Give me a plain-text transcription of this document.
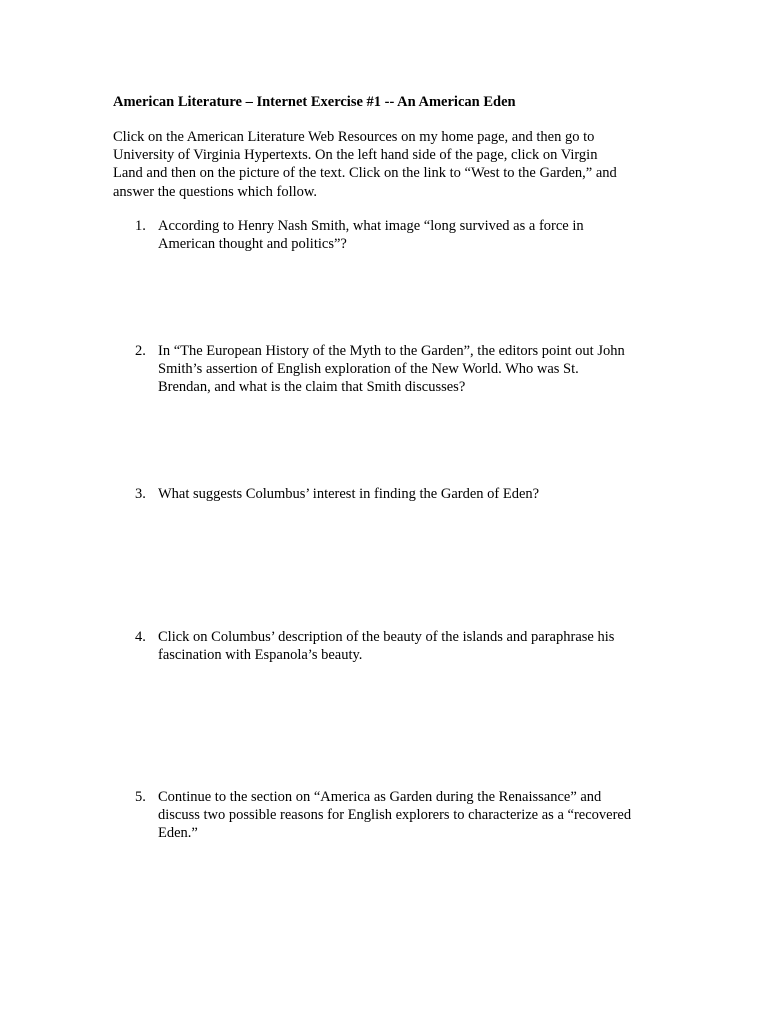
American Literature – Internet Exercise #1 -- An American Eden
Click on the American Literature Web Resources on my home page, and then go to
University of Virginia Hypertexts. On the left hand side of the page, click on Virgin
Land and then on the picture of the text. Click on the link to “West to the Garden,” and
answer the questions which follow.
1. According to Henry Nash Smith, what image “long survived as a force in
American thought and politics”?
2. In “The European History of the Myth to the Garden”, the editors point out John
Smith’s assertion of English exploration of the New World. Who was St.
Brendan, and what is the claim that Smith discusses?
3. What suggests Columbus’ interest in finding the Garden of Eden?
4. Click on Columbus’ description of the beauty of the islands and paraphrase his
fascination with Espanola’s beauty.
5. Continue to the section on “America as Garden during the Renaissance” and
discuss two possible reasons for English explorers to characterize as a “recovered
Eden.”
